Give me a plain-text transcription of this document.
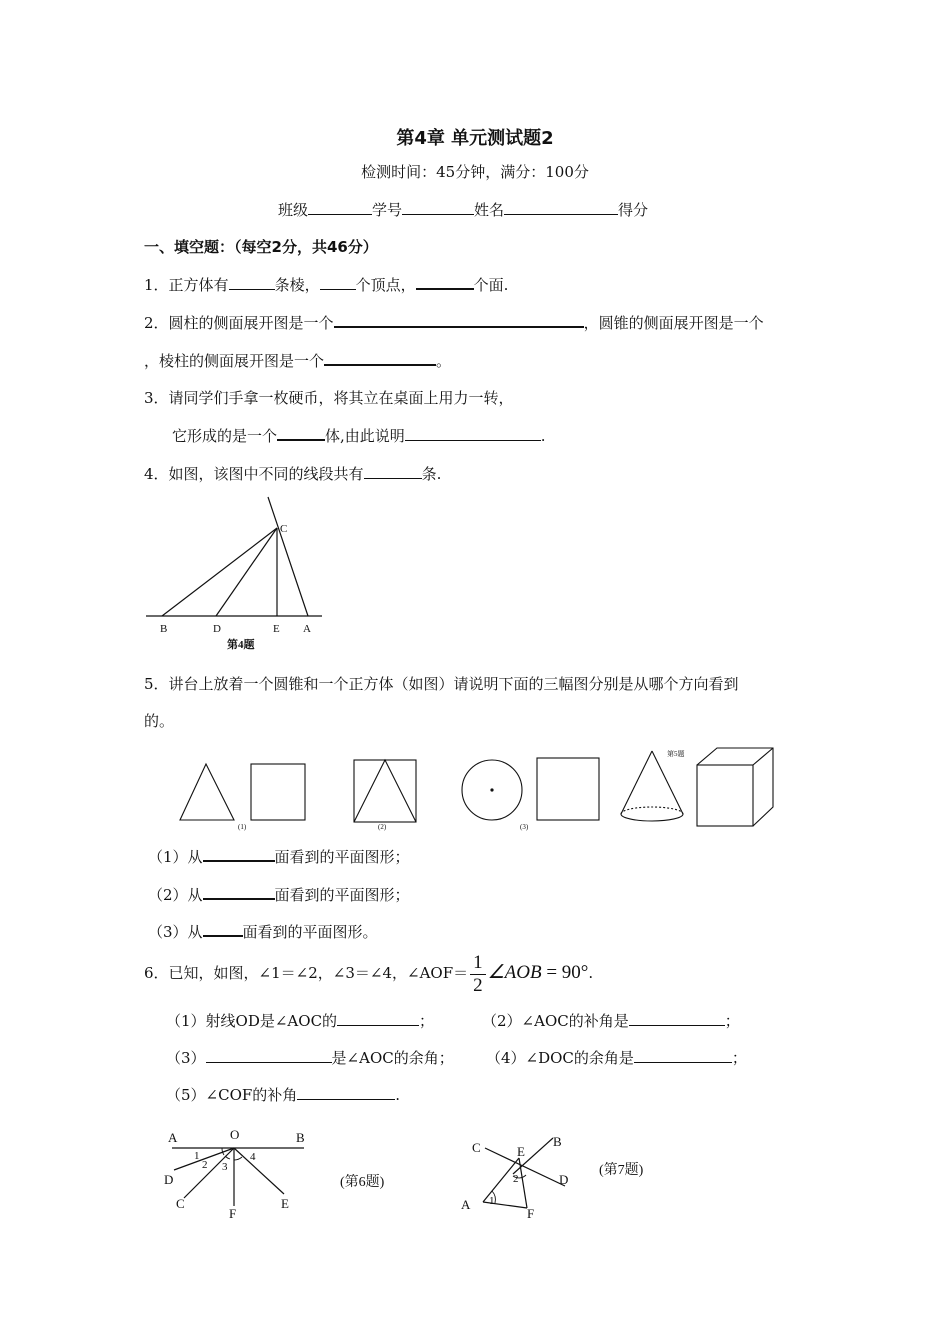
第4章 单元测试题2
检测时间：45分钟，满分：100分
班级	学号	姓名	得分
一、填空题：（每空2分，共46分）
1．正方体有	条棱， 个顶点，	个面.
2．圆柱的侧面展开图是一个	，圆锥的侧面展开图是一个
，棱柱的侧面展开图是一个	。
3．请同学们手拿一枚硬币，将其立在桌面上用力一转，
它形成的是一个	体,由此说明	.
4．如图，该图中不同的线段共有	条.
B	D	E A
C
第4题
5．讲台上放着一个圆锥和一个正方体（如图）请说明下面的三幅图分别是从哪个方向看到
的。
(1)	(2)	(3)
第5题
（1）从	面看到的平面图形；
（2）从	面看到的平面图形；
（3）从	面看到的平面图形。
6．已知，如图，∠1＝∠2，∠3＝∠4，∠AOF＝ $\frac{1}{2}$ ∠AOB = 90°.
（1）射线OD是∠AOC的	；	（2）∠AOC的补角是	；
（3）	是∠AOC的余角； （4）∠DOC的余角是	；
（5）∠COF的补角	.
A	O	B
1
2 3
4
D
C
F
E
(第6题)
C	E
B
2	D
A 1
F
(第7题)
